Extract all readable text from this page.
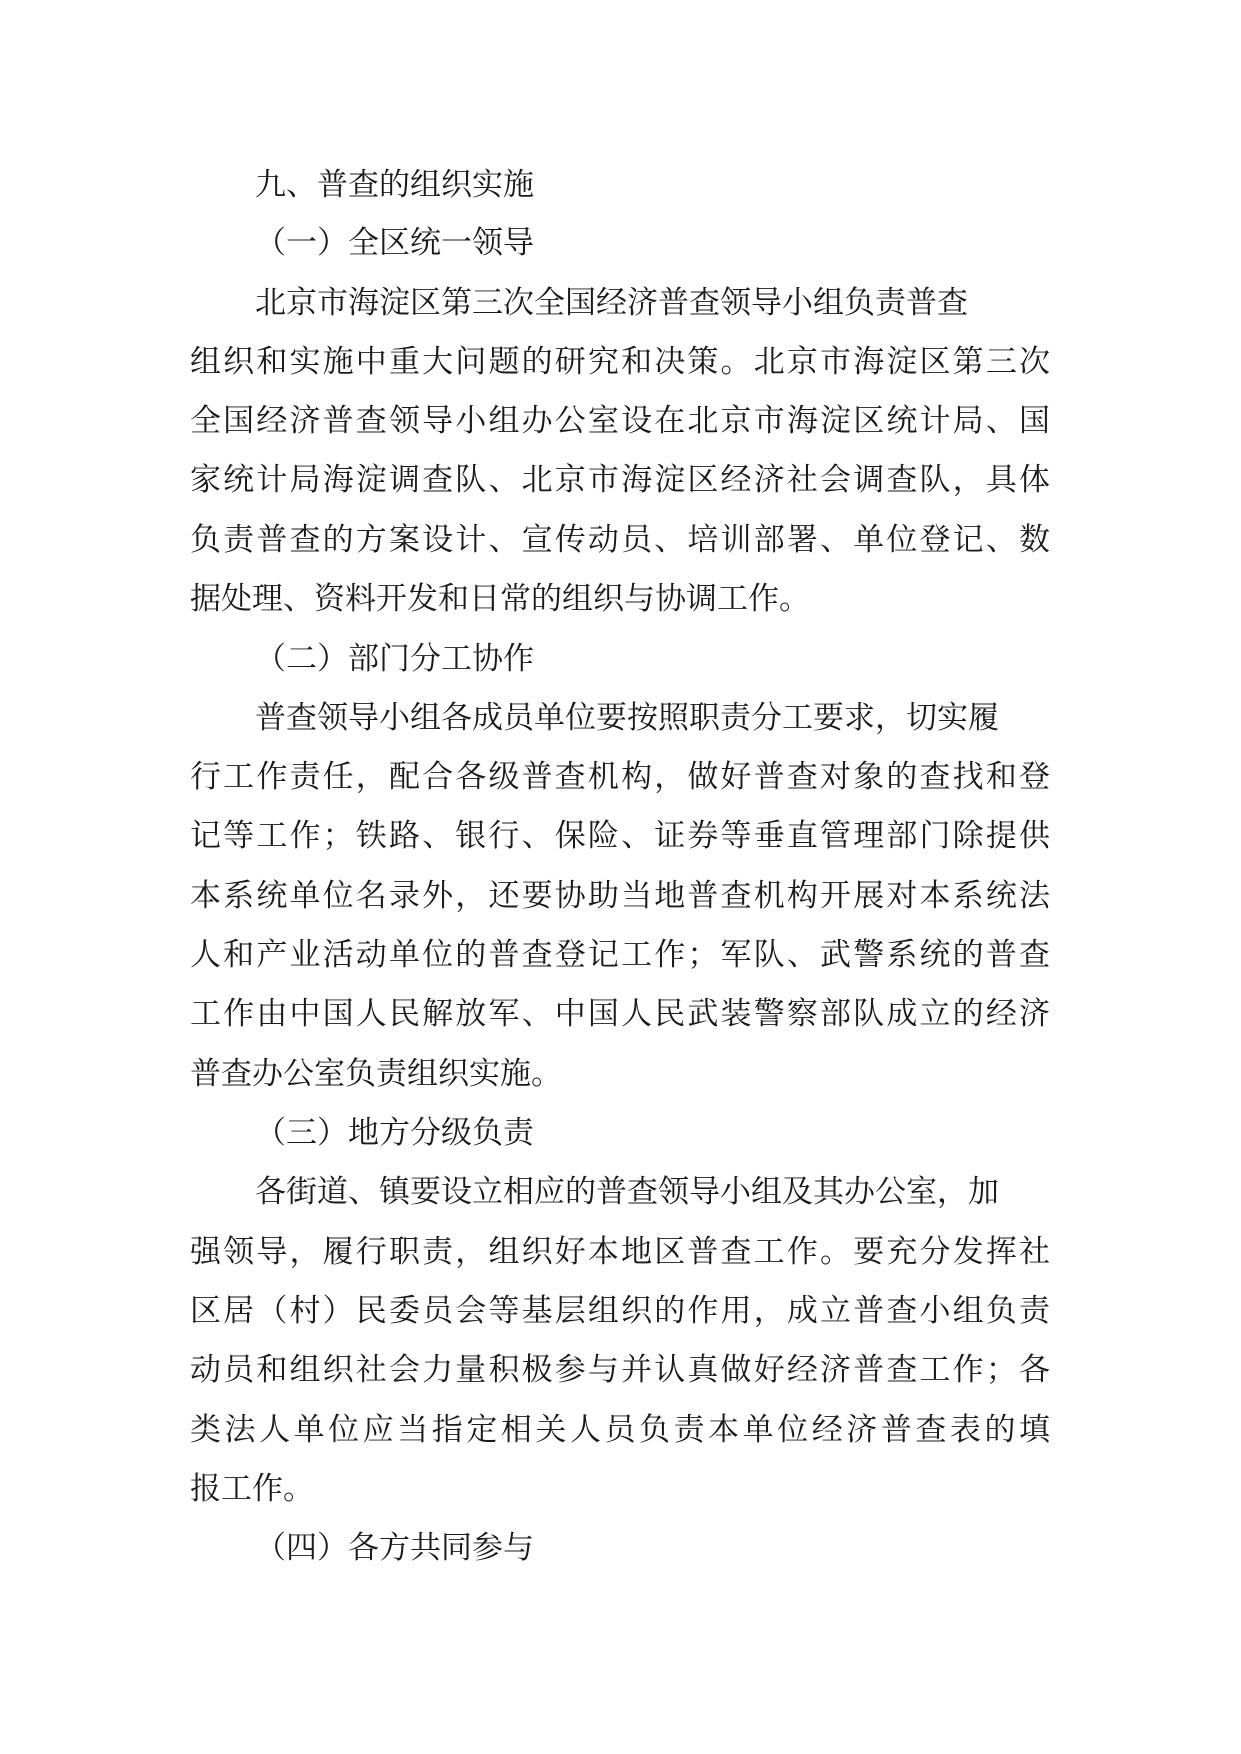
九、普查的组织实施
（一）全区统一领导
北京市海淀区第三次全国经济普查领导小组负责普查
组织和实施中重大问题的研究和决策。北京市海淀区第三次
全国经济普查领导小组办公室设在北京市海淀区统计局、国
家统计局海淀调查队、北京市海淀区经济社会调查队，具体
负责普查的方案设计、宣传动员、培训部署、单位登记、数
据处理、资料开发和日常的组织与协调工作。
（二）部门分工协作
普查领导小组各成员单位要按照职责分工要求，切实履
行工作责任，配合各级普查机构，做好普查对象的查找和登
记等工作；铁路、银行、保险、证券等垂直管理部门除提供
本系统单位名录外，还要协助当地普查机构开展对本系统法
人和产业活动单位的普查登记工作；军队、武警系统的普查
工作由中国人民解放军、中国人民武装警察部队成立的经济
普查办公室负责组织实施。
（三）地方分级负责
各街道、镇要设立相应的普查领导小组及其办公室，加
强领导，履行职责，组织好本地区普查工作。要充分发挥社
区居（村）民委员会等基层组织的作用，成立普查小组负责
动员和组织社会力量积极参与并认真做好经济普查工作；各
类法人单位应当指定相关人员负责本单位经济普查表的填
报工作。
（四）各方共同参与
